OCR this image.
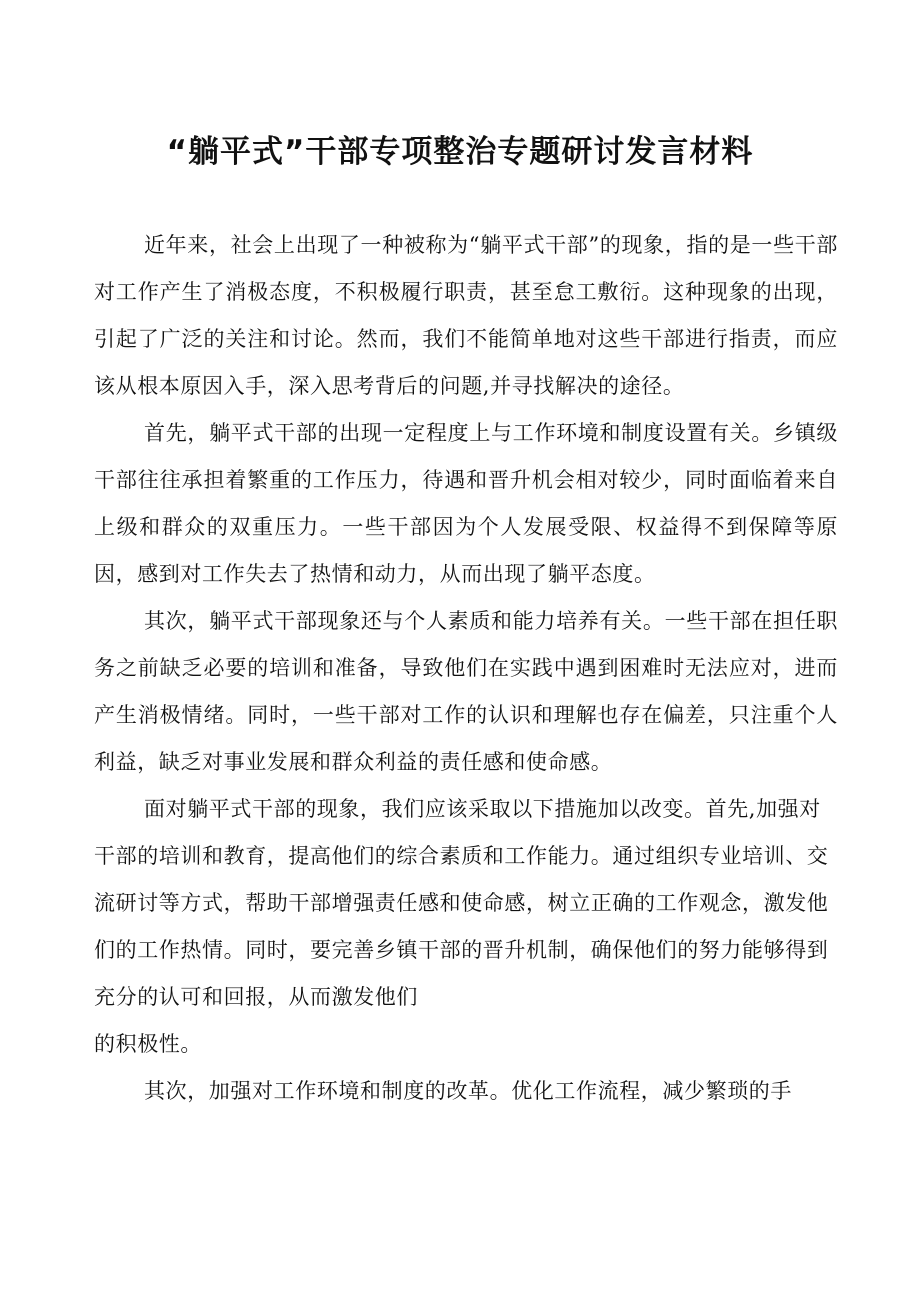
“躺平式”干部专项整治专题研讨发言材料

近年来，社会上出现了一种被称为“躺平式干部”的现象，指的是一些干部对工作产生了消极态度，不积极履行职责，甚至怠工敷衍。这种现象的出现，引起了广泛的关注和讨论。然而，我们不能简单地对这些干部进行指责，而应该从根本原因入手，深入思考背后的问题,并寻找解决的途径。

首先，躺平式干部的出现一定程度上与工作环境和制度设置有关。乡镇级干部往往承担着繁重的工作压力，待遇和晋升机会相对较少，同时面临着来自上级和群众的双重压力。一些干部因为个人发展受限、权益得不到保障等原因，感到对工作失去了热情和动力，从而出现了躺平态度。

其次，躺平式干部现象还与个人素质和能力培养有关。一些干部在担任职务之前缺乏必要的培训和准备，导致他们在实践中遇到困难时无法应对，进而产生消极情绪。同时，一些干部对工作的认识和理解也存在偏差，只注重个人利益，缺乏对事业发展和群众利益的责任感和使命感。

面对躺平式干部的现象，我们应该采取以下措施加以改变。首先,加强对干部的培训和教育，提高他们的综合素质和工作能力。通过组织专业培训、交流研讨等方式，帮助干部增强责任感和使命感，树立正确的工作观念，激发他们的工作热情。同时，要完善乡镇干部的晋升机制，确保他们的努力能够得到充分的认可和回报，从而激发他们

的积极性。

其次，加强对工作环境和制度的改革。优化工作流程，减少繁琐的手
